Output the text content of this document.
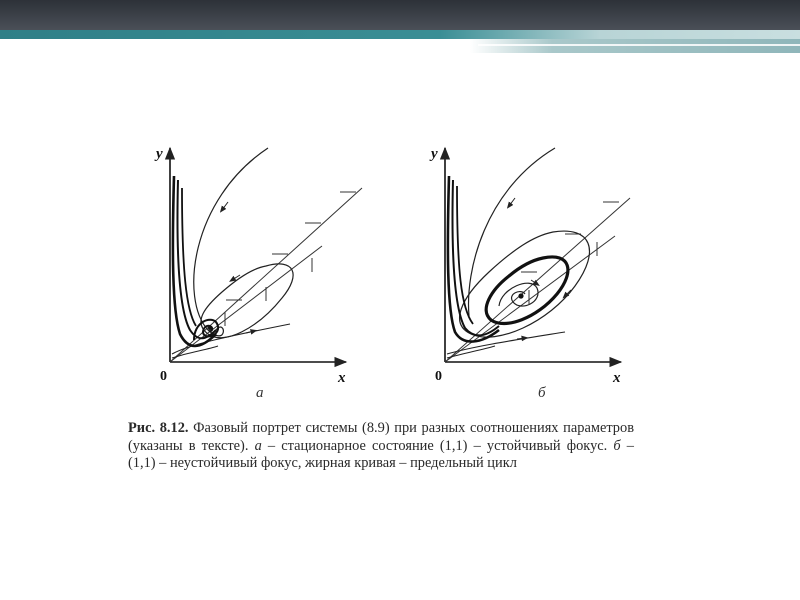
y
x
0
а
y
x
0
б
Рис. 8.12. Фазовый портрет системы (8.9) при разных соотношениях параметров (указаны в тексте). а – стационарное состояние (1,1) – устойчивый фокус. б – (1,1) – неустойчивый фокус, жирная кривая – предельный цикл
